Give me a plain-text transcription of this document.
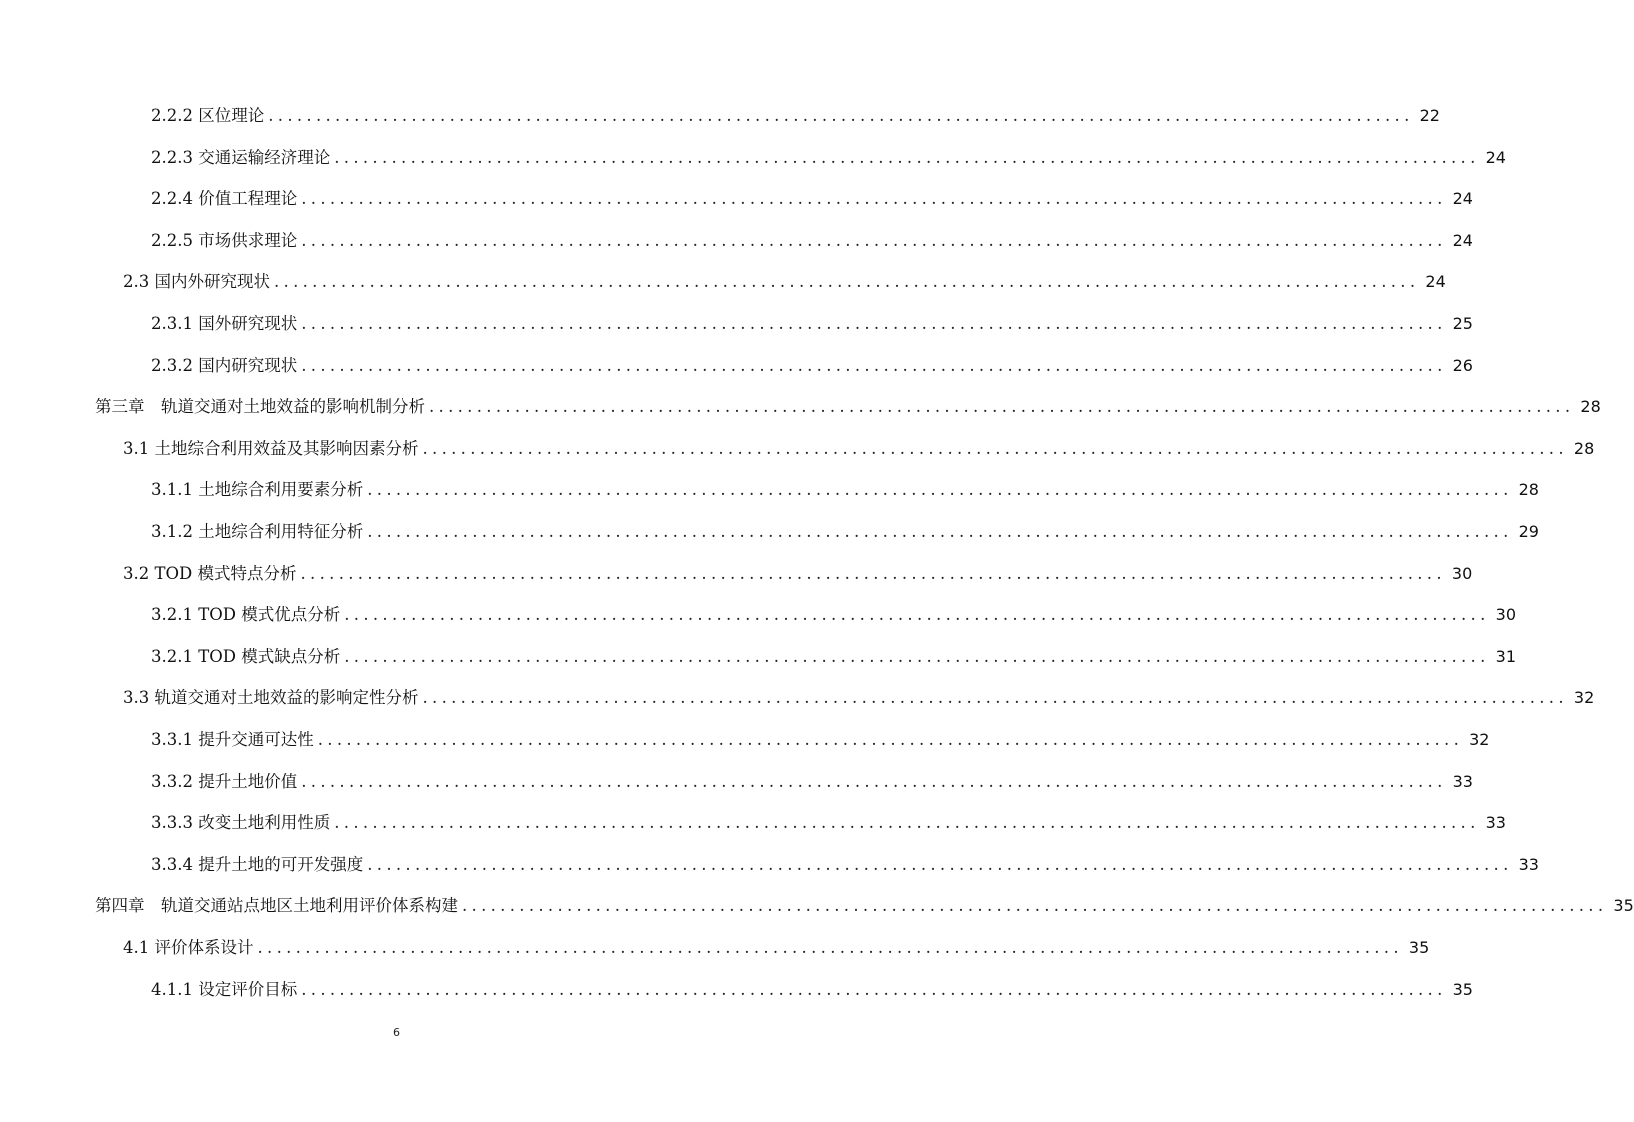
2.2.2 区位理论 ........................................................................................................................ 22
2.2.3 交通运输经济理论 ........................................................................................................................ 24
2.2.4 价值工程理论 ........................................................................................................................ 24
2.2.5 市场供求理论 ........................................................................................................................ 24
2.3 国内外研究现状 ........................................................................................................................ 24
2.3.1 国外研究现状 ........................................................................................................................ 25
2.3.2 国内研究现状 ........................................................................................................................ 26
第三章  轨道交通对土地效益的影响机制分析 ........................................................................................................................ 28
3.1 土地综合利用效益及其影响因素分析 ........................................................................................................................ 28
3.1.1 土地综合利用要素分析 ........................................................................................................................ 28
3.1.2 土地综合利用特征分析 ........................................................................................................................ 29
3.2 TOD 模式特点分析 ........................................................................................................................ 30
3.2.1 TOD 模式优点分析 ........................................................................................................................ 30
3.2.1 TOD 模式缺点分析 ........................................................................................................................ 31
3.3 轨道交通对土地效益的影响定性分析 ........................................................................................................................ 32
3.3.1 提升交通可达性 ........................................................................................................................ 32
3.3.2 提升土地价值 ........................................................................................................................ 33
3.3.3 改变土地利用性质 ........................................................................................................................ 33
3.3.4 提升土地的可开发强度 ........................................................................................................................ 33
第四章  轨道交通站点地区土地利用评价体系构建 ........................................................................................................................ 35
4.1 评价体系设计 ........................................................................................................................ 35
4.1.1 设定评价目标 ........................................................................................................................ 35
6
